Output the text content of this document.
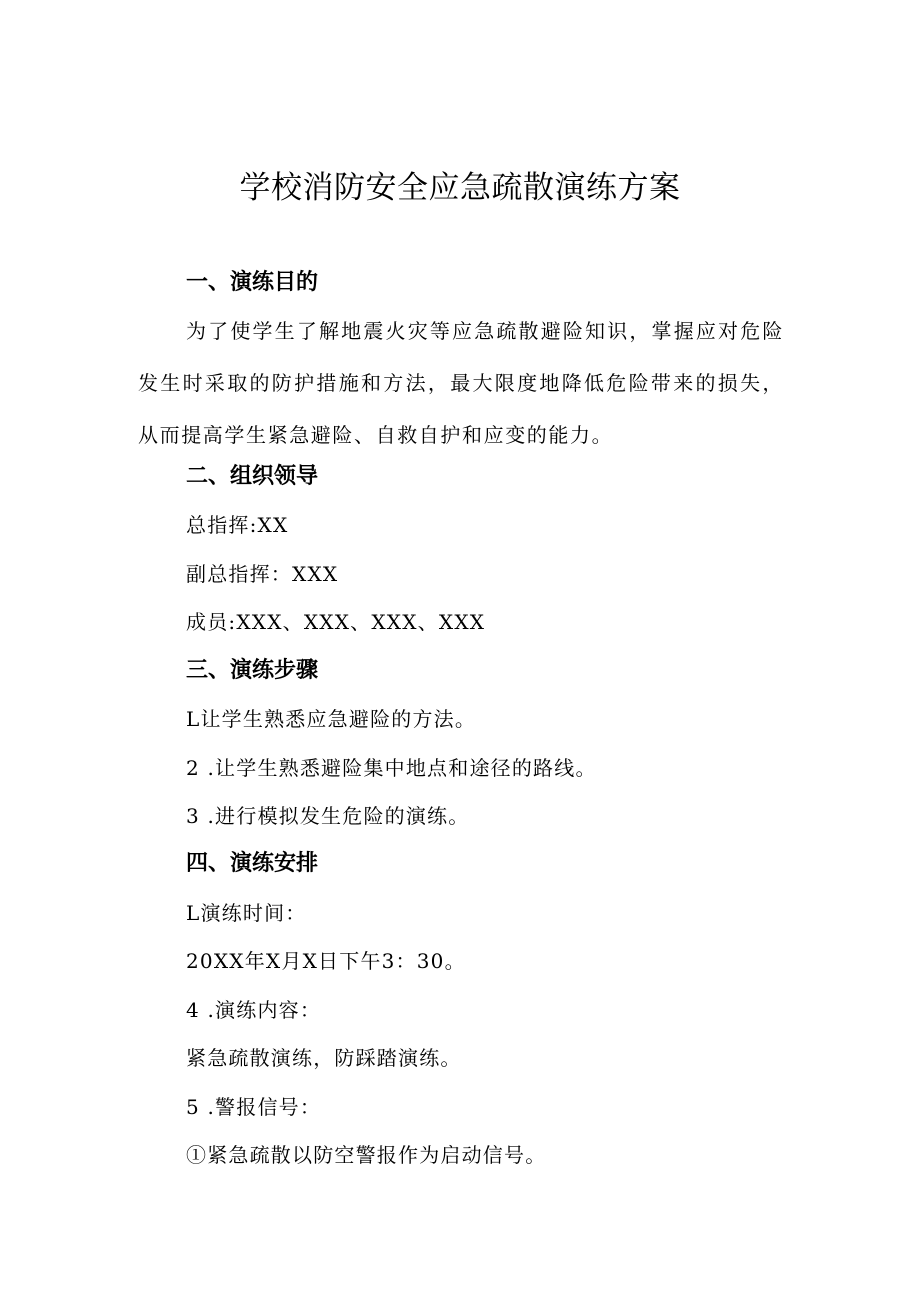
学校消防安全应急疏散演练方案
一、演练目的

为了使学生了解地震火灾等应急疏散避险知识，掌握应对危险发生时采取的防护措施和方法，最大限度地降低危险带来的损失，从而提高学生紧急避险、自救自护和应变的能力。

二、组织领导

总指挥:XX

副总指挥：XXX

成员:XXX、XXX、XXX、XXX

三、演练步骤

L让学生熟悉应急避险的方法。

2 .让学生熟悉避险集中地点和途径的路线。

3 .进行模拟发生危险的演练。

四、演练安排

L演练时间：

20XX年X月X日下午3：30。

4 .演练内容：

紧急疏散演练，防踩踏演练。

5 .警报信号：

①紧急疏散以防空警报作为启动信号。
